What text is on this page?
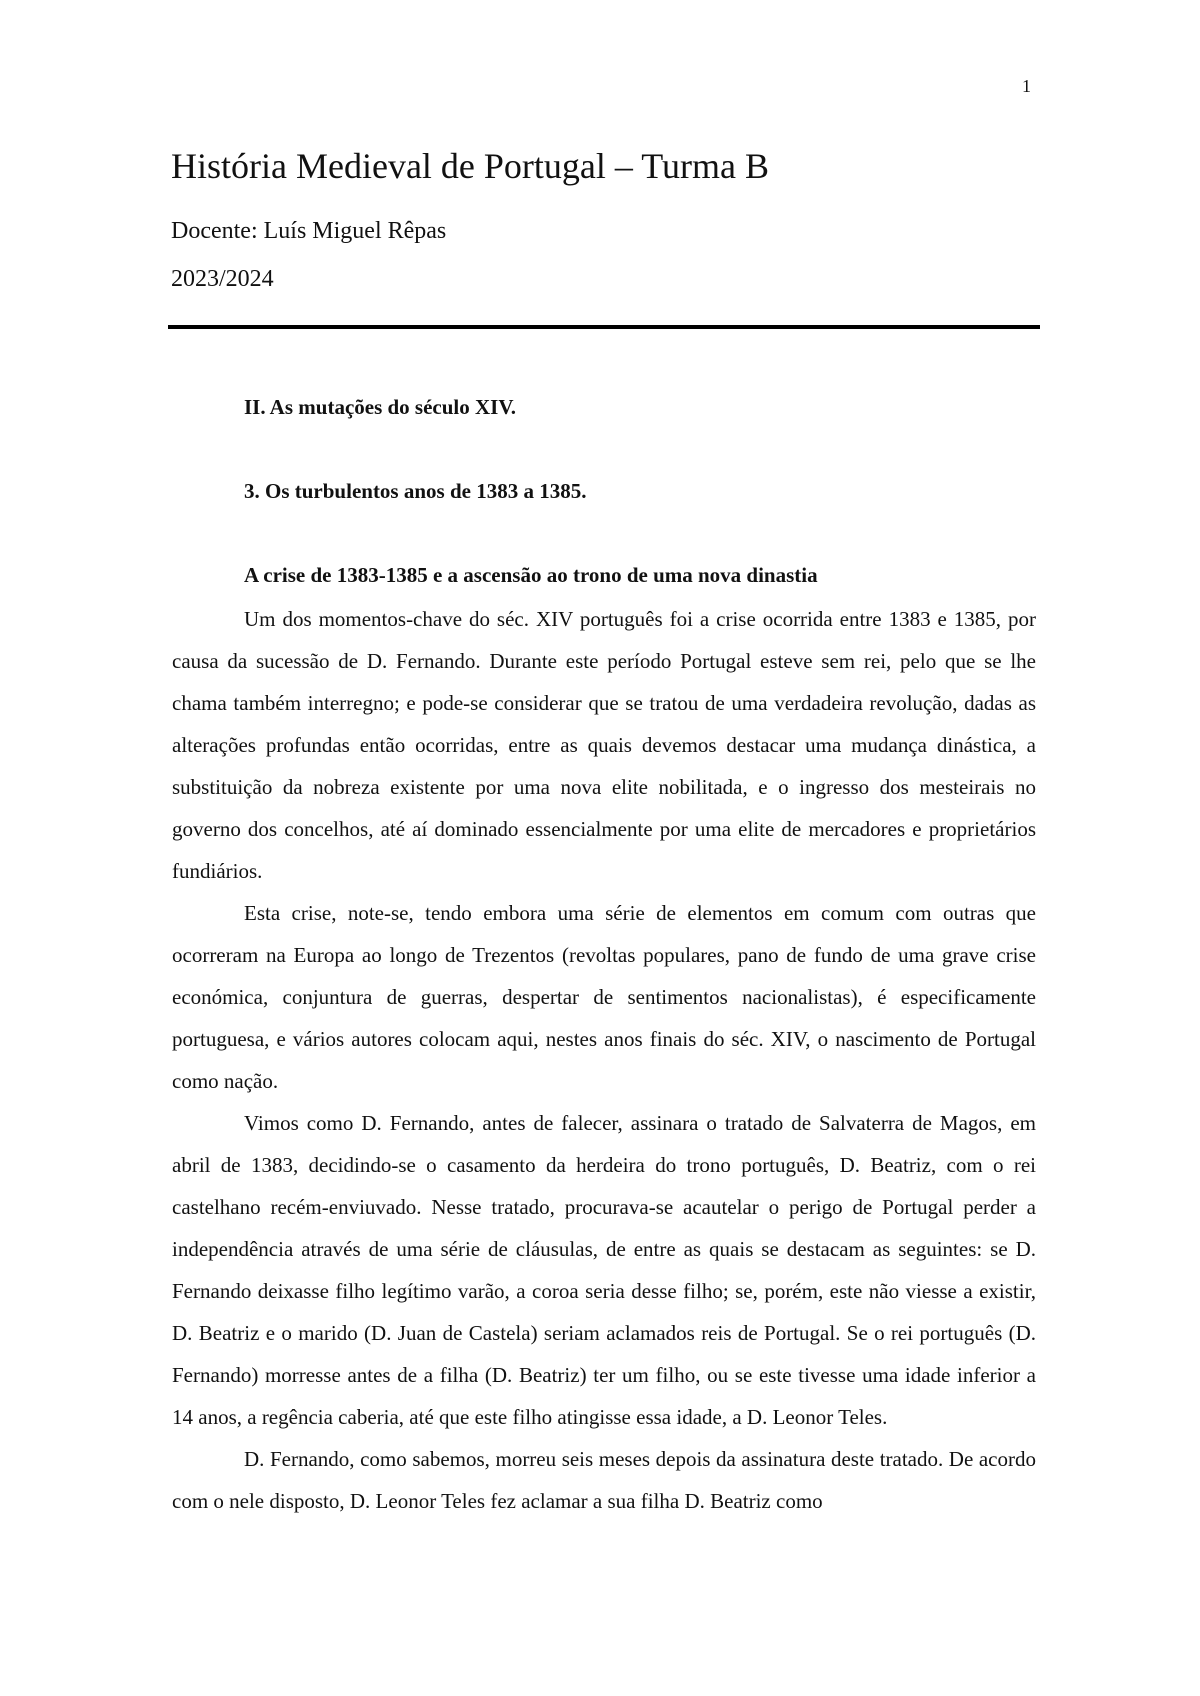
1
História Medieval de Portugal – Turma B

Docente: Luís Miguel Rêpas

2023/2024

II. As mutações do século XIV.

3. Os turbulentos anos de 1383 a 1385.

A crise de 1383-1385 e a ascensão ao trono de uma nova dinastia

Um dos momentos-chave do séc. XIV português foi a crise ocorrida entre 1383 e 1385, por causa da sucessão de D. Fernando. Durante este período Portugal esteve sem rei, pelo que se lhe chama também interregno; e pode-se considerar que se tratou de uma verdadeira revolução, dadas as alterações profundas então ocorridas, entre as quais devemos destacar uma mudança dinástica, a substituição da nobreza existente por uma nova elite nobilitada, e o ingresso dos mesteirais no governo dos concelhos, até aí dominado essencialmente por uma elite de mercadores e proprietários fundiários.

Esta crise, note-se, tendo embora uma série de elementos em comum com outras que ocorreram na Europa ao longo de Trezentos (revoltas populares, pano de fundo de uma grave crise económica, conjuntura de guerras, despertar de sentimentos nacionalistas), é especificamente portuguesa, e vários autores colocam aqui, nestes anos finais do séc. XIV, o nascimento de Portugal como nação.

Vimos como D. Fernando, antes de falecer, assinara o tratado de Salvaterra de Magos, em abril de 1383, decidindo-se o casamento da herdeira do trono português, D. Beatriz, com o rei castelhano recém-enviuvado. Nesse tratado, procurava-se acautelar o perigo de Portugal perder a independência através de uma série de cláusulas, de entre as quais se destacam as seguintes: se D. Fernando deixasse filho legítimo varão, a coroa seria desse filho; se, porém, este não viesse a existir, D. Beatriz e o marido (D. Juan de Castela) seriam aclamados reis de Portugal. Se o rei português (D. Fernando) morresse antes de a filha (D. Beatriz) ter um filho, ou se este tivesse uma idade inferior a 14 anos, a regência caberia, até que este filho atingisse essa idade, a D. Leonor Teles.

D. Fernando, como sabemos, morreu seis meses depois da assinatura deste tratado. De acordo com o nele disposto, D. Leonor Teles fez aclamar a sua filha D. Beatriz como
